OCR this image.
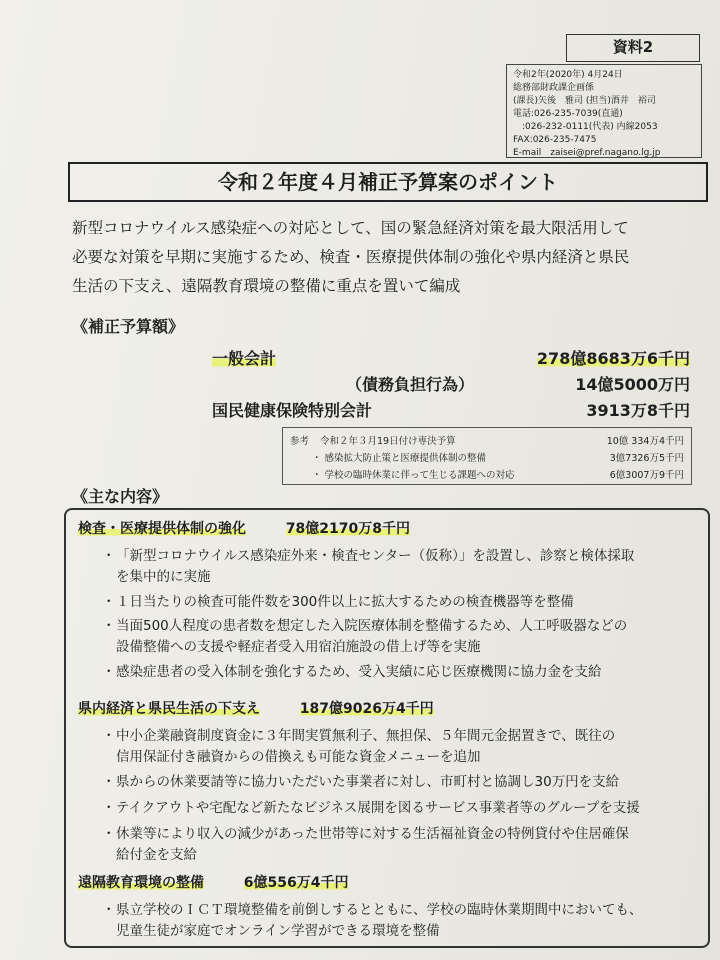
資料2
令和2年(2020年) 4月24日
総務部財政課企画係
(課長)矢後　雅司 (担当)酒井　裕司
電話:026-235-7039(直通)
　:026-232-0111(代表) 内線2053
FAX:026-235-7475
E-mail　zaisei@pref.nagano.lg.jp
令和２年度４月補正予算案のポイント
新型コロナウイルス感染症への対応として、国の緊急経済対策を最大限活用して
必要な対策を早期に実施するため、検査・医療提供体制の強化や県内経済と県民
生活の下支え、遠隔教育環境の整備に重点を置いて編成
《補正予算額》
一般会計	278億8683万6千円
（債務負担行為）	14億5000万円
国民健康保険特別会計	3913万8千円
参考 令和２年３月19日付け専決予算	10億 334万4千円
・ 感染拡大防止策と医療提供体制の整備	3億7326万5千円
・ 学校の臨時休業に伴って生じる課題への対応	6億3007万9千円
《主な内容》
検査・医療提供体制の強化	78億2170万8千円
・ 「新型コロナウイルス感染症外来・検査センター（仮称）」を設置し、診察と検体採取
を集中的に実施
・ １日当たりの検査可能件数を300件以上に拡大するための検査機器等を整備
・ 当面500人程度の患者数を想定した入院医療体制を整備するため、人工呼吸器などの
設備整備への支援や軽症者受入用宿泊施設の借上げ等を実施
・ 感染症患者の受入体制を強化するため、受入実績に応じ医療機関に協力金を支給
県内経済と県民生活の下支え	187億9026万4千円
・ 中小企業融資制度資金に３年間実質無利子、無担保、５年間元金据置きで、既往の
信用保証付き融資からの借換えも可能な資金メニューを追加
・ 県からの休業要請等に協力いただいた事業者に対し、市町村と協調し30万円を支給
・ テイクアウトや宅配など新たなビジネス展開を図るサービス事業者等のグループを支援
・ 休業等により収入の減少があった世帯等に対する生活福祉資金の特例貸付や住居確保
給付金を支給
遠隔教育環境の整備	6億556万4千円
・ 県立学校のＩＣＴ環境整備を前倒しするとともに、学校の臨時休業期間中においても、
児童生徒が家庭でオンライン学習ができる環境を整備
